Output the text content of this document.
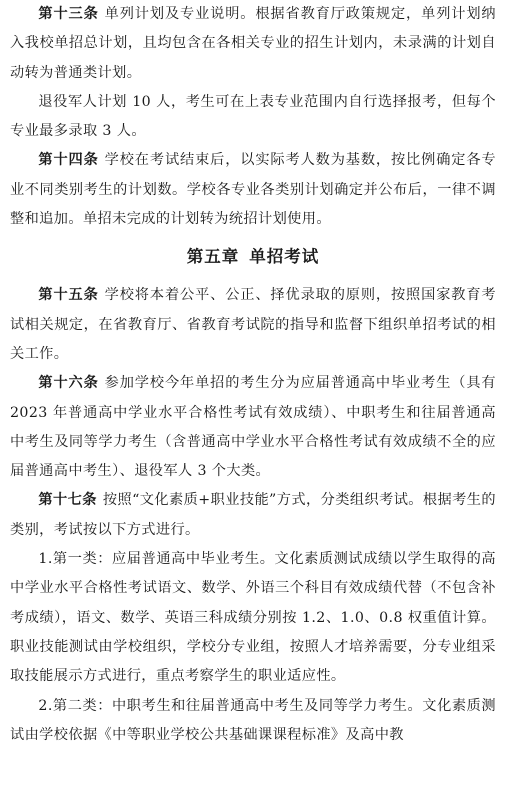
第十三条 单列计划及专业说明。根据省教育厅政策规定，单列计划纳入我校单招总计划，且均包含在各相关专业的招生计划内，未录满的计划自动转为普通类计划。

退役军人计划 10 人，考生可在上表专业范围内自行选择报考，但每个专业最多录取 3 人。

第十四条 学校在考试结束后，以实际考人数为基数，按比例确定各专业不同类别考生的计划数。学校各专业各类别计划确定并公布后，一律不调整和追加。单招未完成的计划转为统招计划使用。

第五章 单招考试

第十五条 学校将本着公平、公正、择优录取的原则，按照国家教育考试相关规定，在省教育厅、省教育考试院的指导和监督下组织单招考试的相关工作。

第十六条 参加学校今年单招的考生分为应届普通高中毕业考生（具有 2023 年普通高中学业水平合格性考试有效成绩）、中职考生和往届普通高中考生及同等学力考生（含普通高中学业水平合格性考试有效成绩不全的应届普通高中考生）、退役军人 3 个大类。

第十七条 按照“文化素质+职业技能”方式，分类组织考试。根据考生的类别，考试按以下方式进行。

1.第一类：应届普通高中毕业考生。文化素质测试成绩以学生取得的高中学业水平合格性考试语文、数学、外语三个科目有效成绩代替（不包含补考成绩），语文、数学、英语三科成绩分别按 1.2、1.0、0.8 权重值计算。职业技能测试由学校组织，学校分专业组，按照人才培养需要，分专业组采取技能展示方式进行，重点考察学生的职业适应性。

2.第二类：中职考生和往届普通高中考生及同等学力考生。文化素质测试由学校依据《中等职业学校公共基础课课程标准》及高中教
